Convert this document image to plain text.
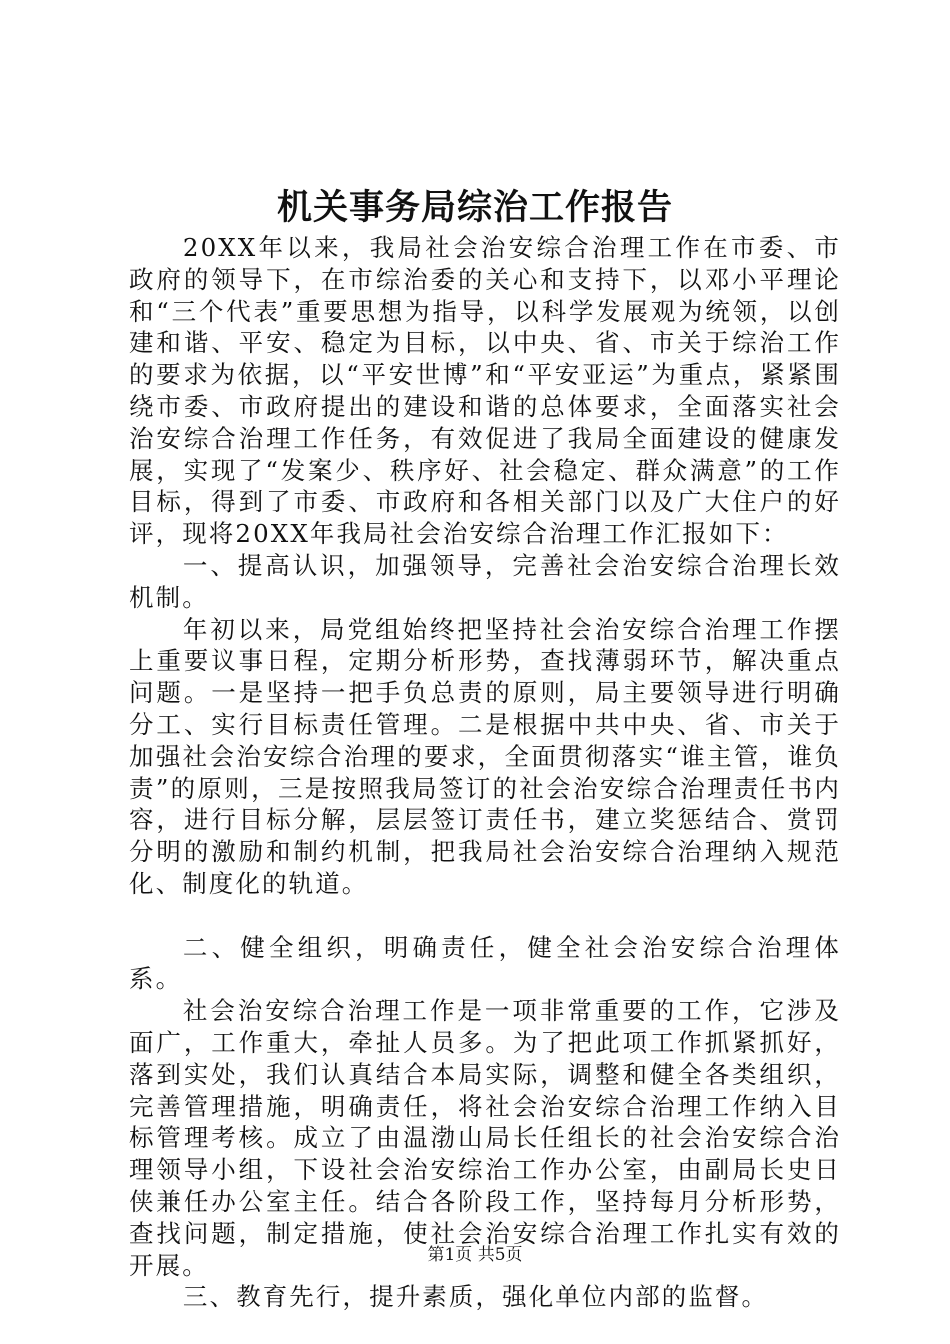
机关事务局综治工作报告

20XX年以来，我局社会治安综合治理工作在市委、市政府的领导下，在市综治委的关心和支持下，以邓小平理论和“三个代表”重要思想为指导，以科学发展观为统领，以创建和谐、平安、稳定为目标，以中央、省、市关于综治工作的要求为依据，以“平安世博”和“平安亚运”为重点，紧紧围绕市委、市政府提出的建设和谐的总体要求，全面落实社会治安综合治理工作任务，有效促进了我局全面建设的健康发展，实现了“发案少、秩序好、社会稳定、群众满意”的工作目标，得到了市委、市政府和各相关部门以及广大住户的好评，现将20XX年我局社会治安综合治理工作汇报如下：

一、提高认识，加强领导，完善社会治安综合治理长效机制。

年初以来，局党组始终把坚持社会治安综合治理工作摆上重要议事日程，定期分析形势，查找薄弱环节，解决重点问题。一是坚持一把手负总责的原则，局主要领导进行明确分工、实行目标责任管理。二是根据中共中央、省、市关于加强社会治安综合治理的要求，全面贯彻落实“谁主管，谁负责”的原则，三是按照我局签订的社会治安综合治理责任书内容，进行目标分解，层层签订责任书，建立奖惩结合、赏罚分明的激励和制约机制，把我局社会治安综合治理纳入规范化、制度化的轨道。

二、健全组织，明确责任，健全社会治安综合治理体系。

社会治安综合治理工作是一项非常重要的工作，它涉及面广，工作重大，牵扯人员多。为了把此项工作抓紧抓好，落到实处，我们认真结合本局实际，调整和健全各类组织，完善管理措施，明确责任，将社会治安综合治理工作纳入目标管理考核。成立了由温渤山局长任组长的社会治安综合治理领导小组，下设社会治安综治工作办公室，由副局长史日侠兼任办公室主任。结合各阶段工作，坚持每月分析形势，查找问题，制定措施，使社会治安综合治理工作扎实有效的开展。

三、教育先行，提升素质，强化单位内部的监督。

第1页 共5页
